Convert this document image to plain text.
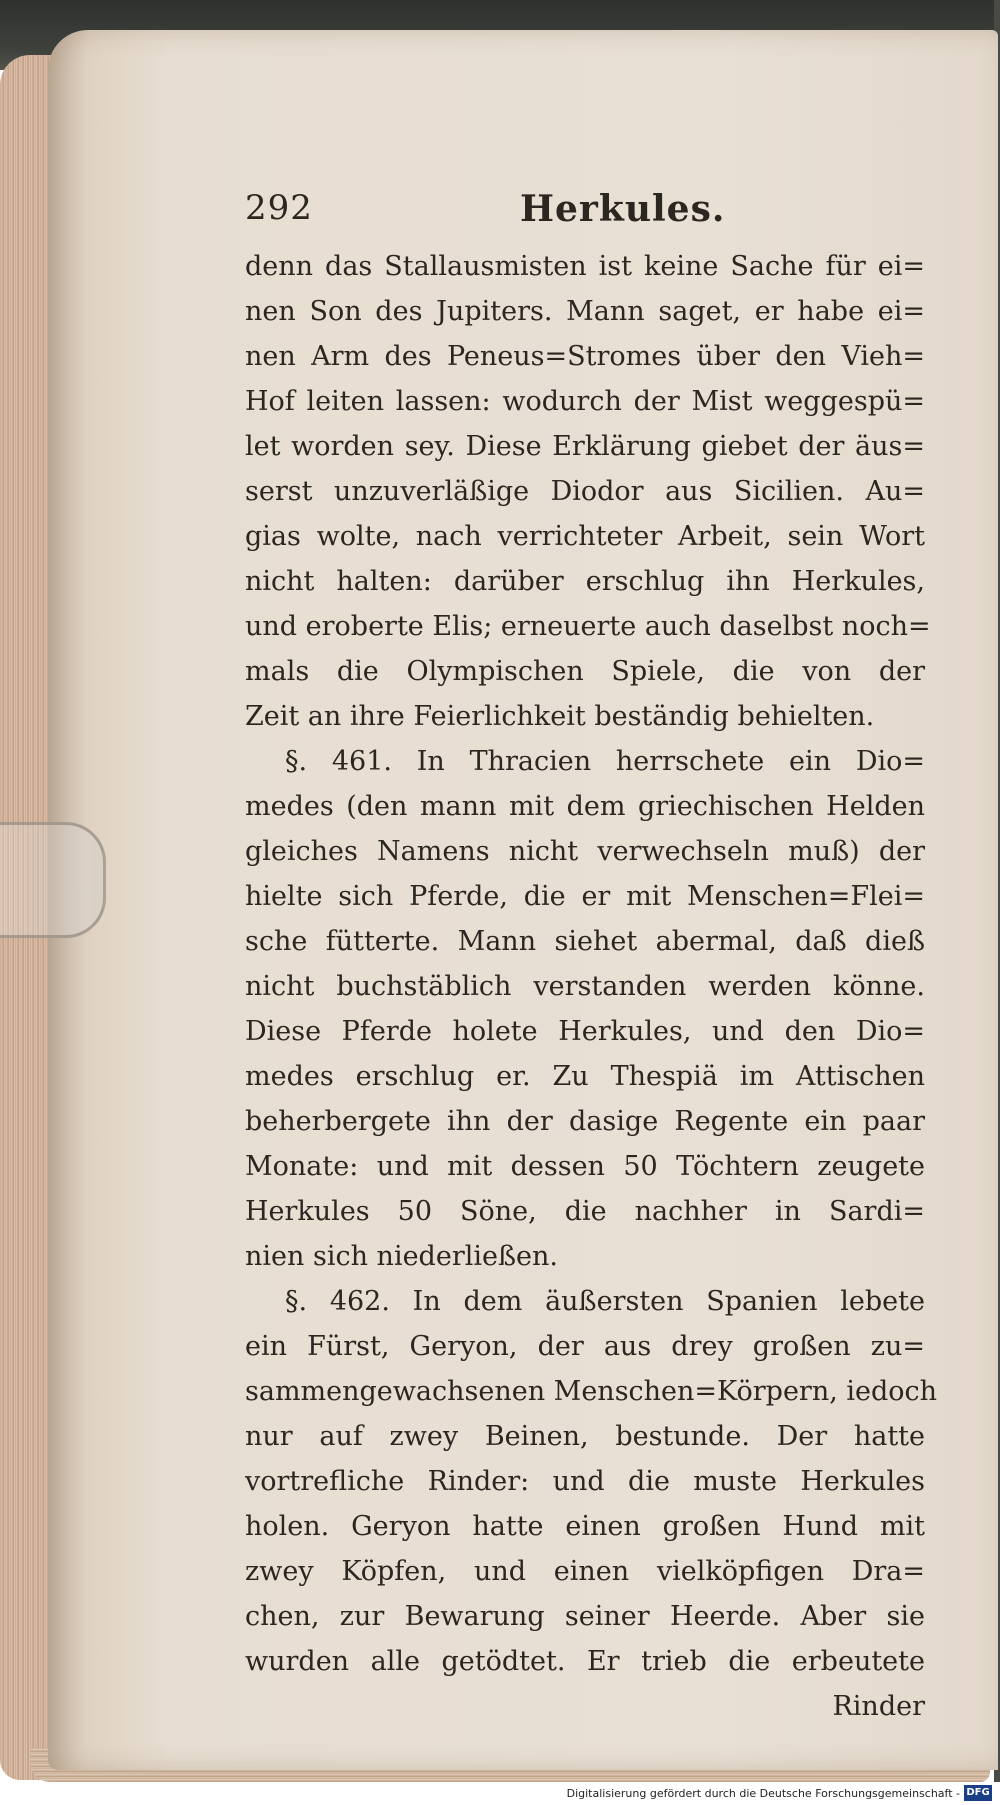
292	Herkules.
denn das Stallausmisten ist keine Sache für ei=
nen Son des Jupiters. Mann saget, er habe ei=
nen Arm des Peneus=Stromes über den Vieh=
Hof leiten lassen: wodurch der Mist weggespü=
let worden sey. Diese Erklärung giebet der äus=
serst unzuverläßige Diodor aus Sicilien. Au=
gias wolte, nach verrichteter Arbeit, sein Wort
nicht halten: darüber erschlug ihn Herkules,
und eroberte Elis; erneuerte auch daselbst noch=
mals die Olympischen Spiele, die von der
Zeit an ihre Feierlichkeit beständig behielten.
§. 461. In Thracien herrschete ein Dio=
medes (den mann mit dem griechischen Helden
gleiches Namens nicht verwechseln muß) der
hielte sich Pferde, die er mit Menschen=Flei=
sche fütterte. Mann siehet abermal, daß dieß
nicht buchstäblich verstanden werden könne.
Diese Pferde holete Herkules, und den Dio=
medes erschlug er. Zu Thespiä im Attischen
beherbergete ihn der dasige Regente ein paar
Monate: und mit dessen 50 Töchtern zeugete
Herkules 50 Söne, die nachher in Sardi=
nien sich niederließen.
§. 462. In dem äußersten Spanien lebete
ein Fürst, Geryon, der aus drey großen zu=
sammengewachsenen Menschen=Körpern, iedoch
nur auf zwey Beinen, bestunde. Der hatte
vortrefliche Rinder: und die muste Herkules
holen. Geryon hatte einen großen Hund mit
zwey Köpfen, und einen vielköpfigen Dra=
chen, zur Bewarung seiner Heerde. Aber sie
wurden alle getödtet. Er trieb die erbeutete
Rinder
Digitalisierung gefördert durch die Deutsche Forschungsgemeinschaft - DFG
